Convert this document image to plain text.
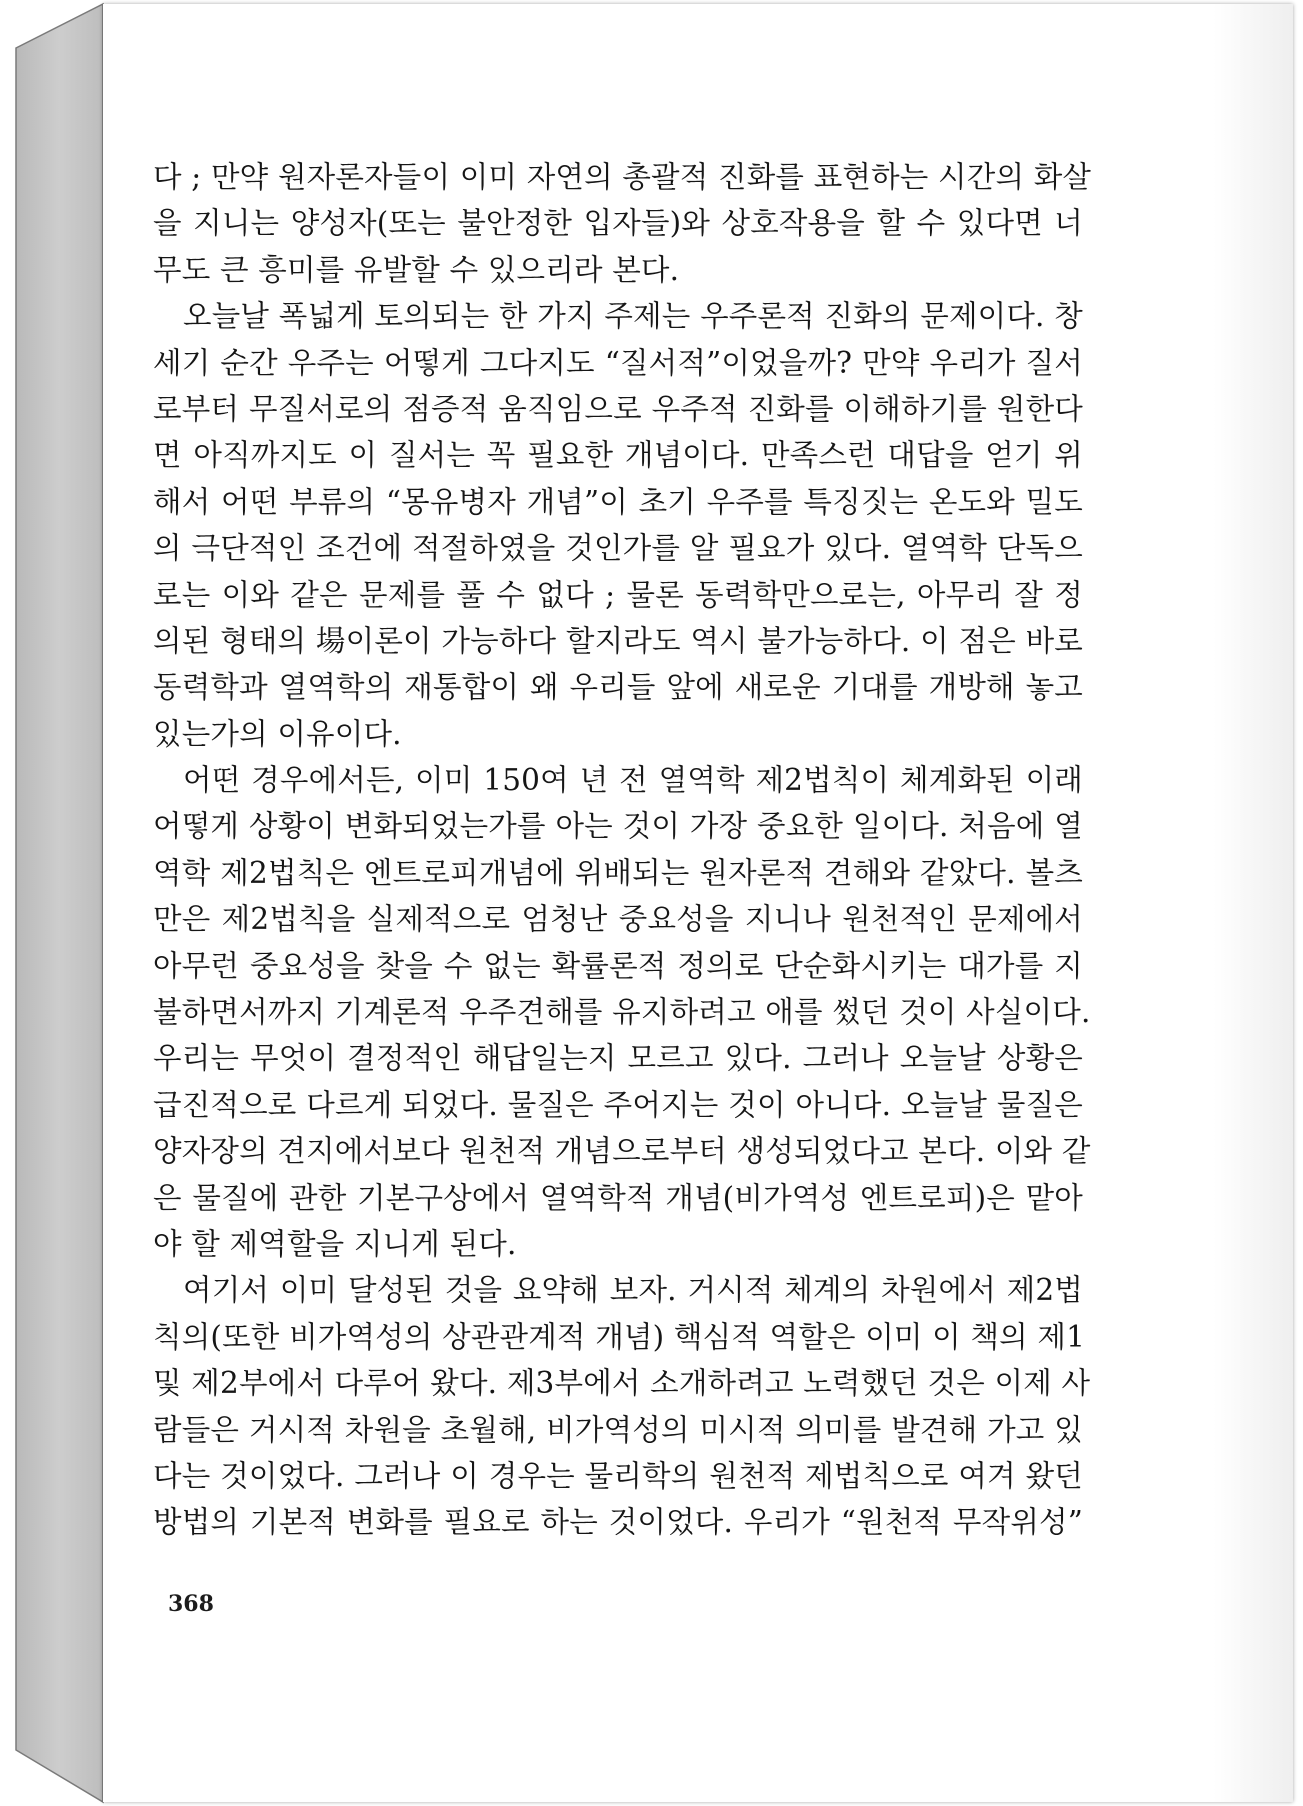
다 ; 만약 원자론자들이 이미 자연의 총괄적 진화를 표현하는 시간의 화살
을 지니는 양성자(또는 불안정한 입자들)와 상호작용을 할 수 있다면 너
무도 큰 흥미를 유발할 수 있으리라 본다.
오늘날 폭넓게 토의되는 한 가지 주제는 우주론적 진화의 문제이다. 창
세기 순간 우주는 어떻게 그다지도 “질서적”이었을까? 만약 우리가 질서
로부터 무질서로의 점증적 움직임으로 우주적 진화를 이해하기를 원한다
면 아직까지도 이 질서는 꼭 필요한 개념이다. 만족스런 대답을 얻기 위
해서 어떤 부류의 “몽유병자 개념”이 초기 우주를 특징짓는 온도와 밀도
의 극단적인 조건에 적절하였을 것인가를 알 필요가 있다. 열역학 단독으
로는 이와 같은 문제를 풀 수 없다 ; 물론 동력학만으로는, 아무리 잘 정
의된 형태의 場이론이 가능하다 할지라도 역시 불가능하다. 이 점은 바로
동력학과 열역학의 재통합이 왜 우리들 앞에 새로운 기대를 개방해 놓고
있는가의 이유이다.
어떤 경우에서든, 이미 150여 년 전 열역학 제2법칙이 체계화된 이래
어떻게 상황이 변화되었는가를 아는 것이 가장 중요한 일이다. 처음에 열
역학 제2법칙은 엔트로피개념에 위배되는 원자론적 견해와 같았다. 볼츠
만은 제2법칙을 실제적으로 엄청난 중요성을 지니나 원천적인 문제에서
아무런 중요성을 찾을 수 없는 확률론적 정의로 단순화시키는 대가를 지
불하면서까지 기계론적 우주견해를 유지하려고 애를 썼던 것이 사실이다.
우리는 무엇이 결정적인 해답일는지 모르고 있다. 그러나 오늘날 상황은
급진적으로 다르게 되었다. 물질은 주어지는 것이 아니다. 오늘날 물질은
양자장의 견지에서보다 원천적 개념으로부터 생성되었다고 본다. 이와 같
은 물질에 관한 기본구상에서 열역학적 개념(비가역성 엔트로피)은 맡아
야 할 제역할을 지니게 된다.
여기서 이미 달성된 것을 요약해 보자. 거시적 체계의 차원에서 제2법
칙의(또한 비가역성의 상관관계적 개념) 핵심적 역할은 이미 이 책의 제1
및 제2부에서 다루어 왔다. 제3부에서 소개하려고 노력했던 것은 이제 사
람들은 거시적 차원을 초월해, 비가역성의 미시적 의미를 발견해 가고 있
다는 것이었다. 그러나 이 경우는 물리학의 원천적 제법칙으로 여겨 왔던
방법의 기본적 변화를 필요로 하는 것이었다. 우리가 “원천적 무작위성”
368
